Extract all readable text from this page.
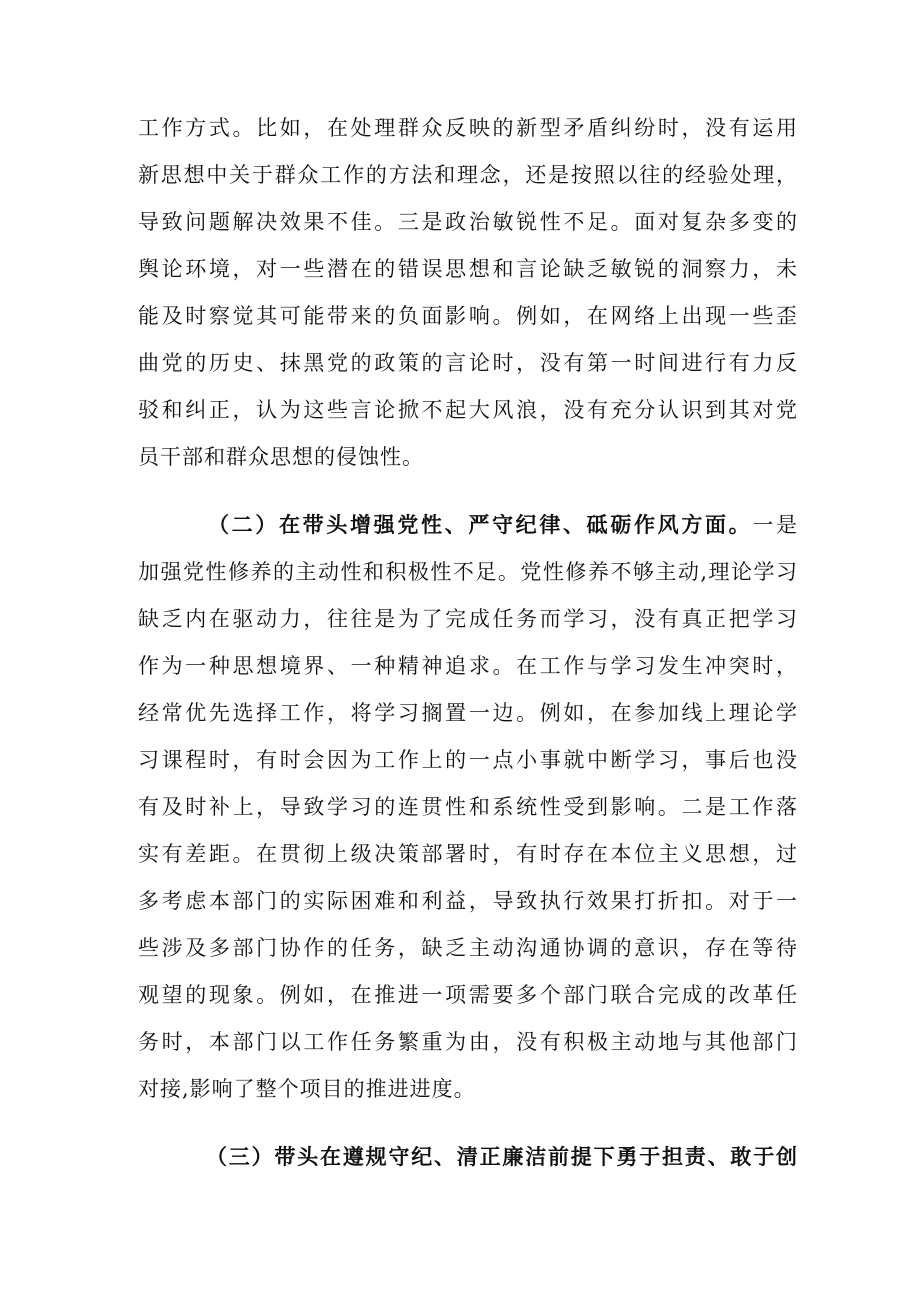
工作方式。比如，在处理群众反映的新型矛盾纠纷时，没有运用
新思想中关于群众工作的方法和理念，还是按照以往的经验处理，
导致问题解决效果不佳。三是政治敏锐性不足。面对复杂多变的
舆论环境，对一些潜在的错误思想和言论缺乏敏锐的洞察力，未
能及时察觉其可能带来的负面影响。例如，在网络上出现一些歪
曲党的历史、抹黑党的政策的言论时，没有第一时间进行有力反
驳和纠正，认为这些言论掀不起大风浪，没有充分认识到其对党
员干部和群众思想的侵蚀性。
（二）在带头增强党性、严守纪律、砥砺作风方面。一是
加强党性修养的主动性和积极性不足。党性修养不够主动,理论学习
缺乏内在驱动力，往往是为了完成任务而学习，没有真正把学习
作为一种思想境界、一种精神追求。在工作与学习发生冲突时，
经常优先选择工作，将学习搁置一边。例如，在参加线上理论学
习课程时，有时会因为工作上的一点小事就中断学习，事后也没
有及时补上，导致学习的连贯性和系统性受到影响。二是工作落
实有差距。在贯彻上级决策部署时，有时存在本位主义思想，过
多考虑本部门的实际困难和利益，导致执行效果打折扣。对于一
些涉及多部门协作的任务，缺乏主动沟通协调的意识，存在等待
观望的现象。例如，在推进一项需要多个部门联合完成的改革任
务时，本部门以工作任务繁重为由，没有积极主动地与其他部门
对接,影响了整个项目的推进进度。
（三）带头在遵规守纪、清正廉洁前提下勇于担责、敢于创
